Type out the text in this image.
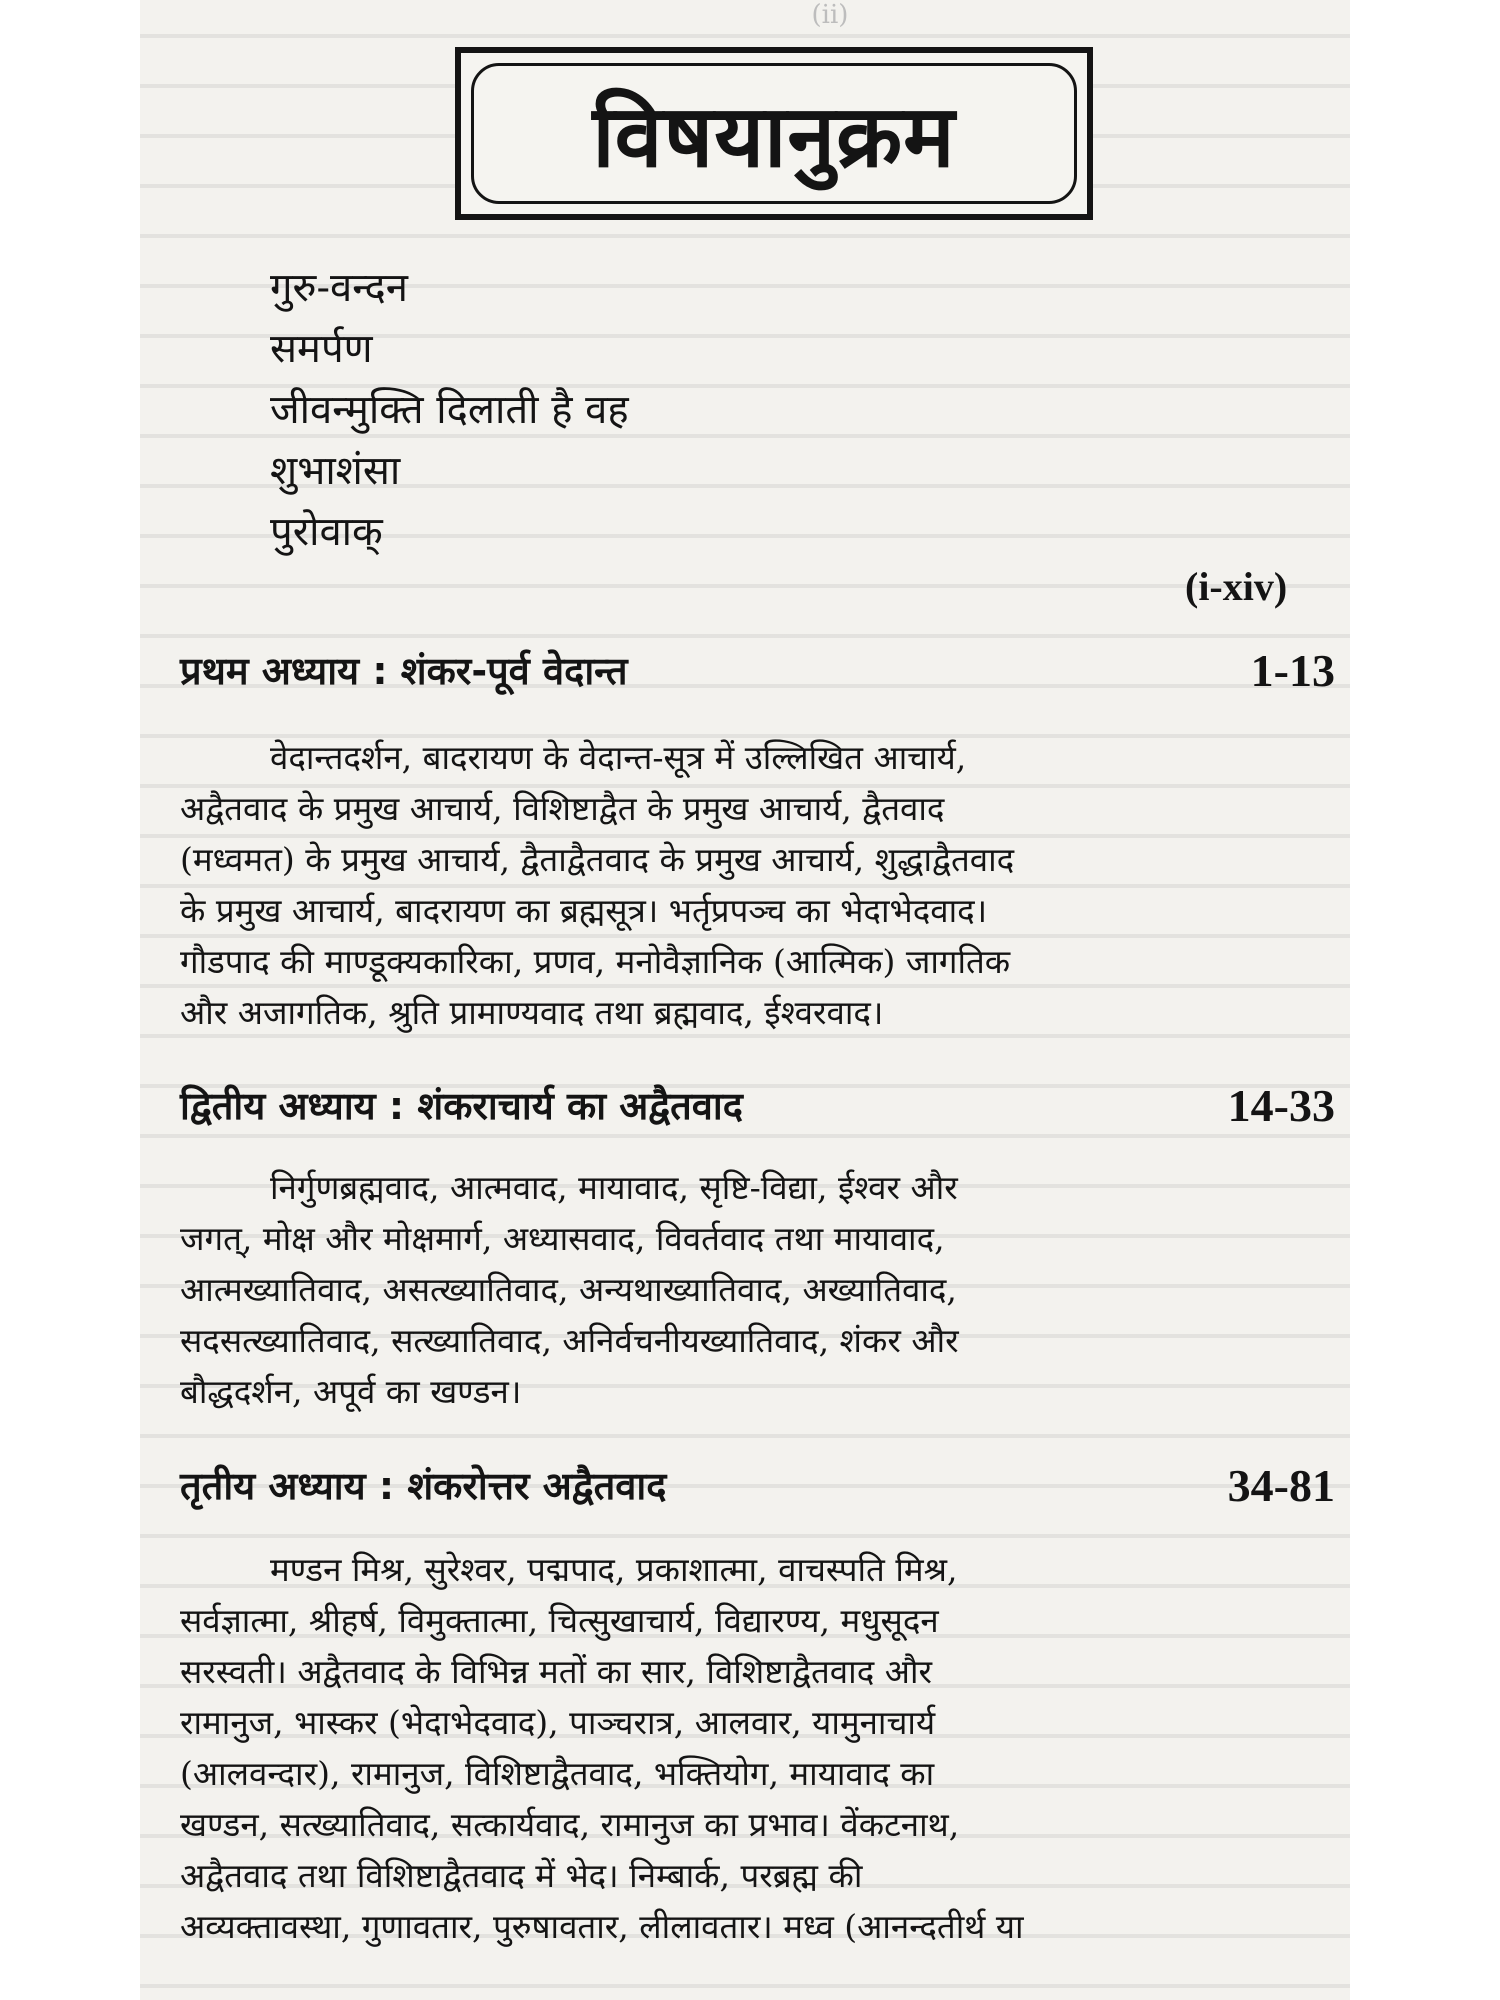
(ii)
विषयानुक्रम
गुरु-वन्दन
समर्पण
जीवन्मुक्ति दिलाती है वह
शुभाशंसा
पुरोवाक्
(i-xiv)
प्रथम अध्याय : शंकर-पूर्व वेदान्त	1-13
वेदान्तदर्शन, बादरायण के वेदान्त-सूत्र में उल्लिखित आचार्य,
अद्वैतवाद के प्रमुख आचार्य, विशिष्टाद्वैत के प्रमुख आचार्य, द्वैतवाद
(मध्वमत) के प्रमुख आचार्य, द्वैताद्वैतवाद के प्रमुख आचार्य, शुद्धाद्वैतवाद
के प्रमुख आचार्य, बादरायण का ब्रह्मसूत्र। भर्तृप्रपञ्च का भेदाभेदवाद।
गौडपाद की माण्डूक्यकारिका, प्रणव, मनोवैज्ञानिक (आत्मिक) जागतिक
और अजागतिक, श्रुति प्रामाण्यवाद तथा ब्रह्मवाद, ईश्वरवाद।
द्वितीय अध्याय : शंकराचार्य का अद्वैतवाद	14-33
निर्गुणब्रह्मवाद, आत्मवाद, मायावाद, सृष्टि-विद्या, ईश्वर और
जगत्, मोक्ष और मोक्षमार्ग, अध्यासवाद, विवर्तवाद तथा मायावाद,
आत्मख्यातिवाद, असत्ख्यातिवाद, अन्यथाख्यातिवाद, अख्यातिवाद,
सदसत्ख्यातिवाद, सत्ख्यातिवाद, अनिर्वचनीयख्यातिवाद, शंकर और
बौद्धदर्शन, अपूर्व का खण्डन।
तृतीय अध्याय : शंकरोत्तर अद्वैतवाद	34-81
मण्डन मिश्र, सुरेश्वर, पद्मपाद, प्रकाशात्मा, वाचस्पति मिश्र,
सर्वज्ञात्मा, श्रीहर्ष, विमुक्तात्मा, चित्सुखाचार्य, विद्यारण्य, मधुसूदन
सरस्वती। अद्वैतवाद के विभिन्न मतों का सार, विशिष्टाद्वैतवाद और
रामानुज, भास्कर (भेदाभेदवाद), पाञ्चरात्र, आलवार, यामुनाचार्य
(आलवन्दार), रामानुज, विशिष्टाद्वैतवाद, भक्तियोग, मायावाद का
खण्डन, सत्ख्यातिवाद, सत्कार्यवाद, रामानुज का प्रभाव। वेंकटनाथ,
अद्वैतवाद तथा विशिष्टाद्वैतवाद में भेद। निम्बार्क, परब्रह्म की
अव्यक्तावस्था, गुणावतार, पुरुषावतार, लीलावतार। मध्व (आनन्दतीर्थ या
